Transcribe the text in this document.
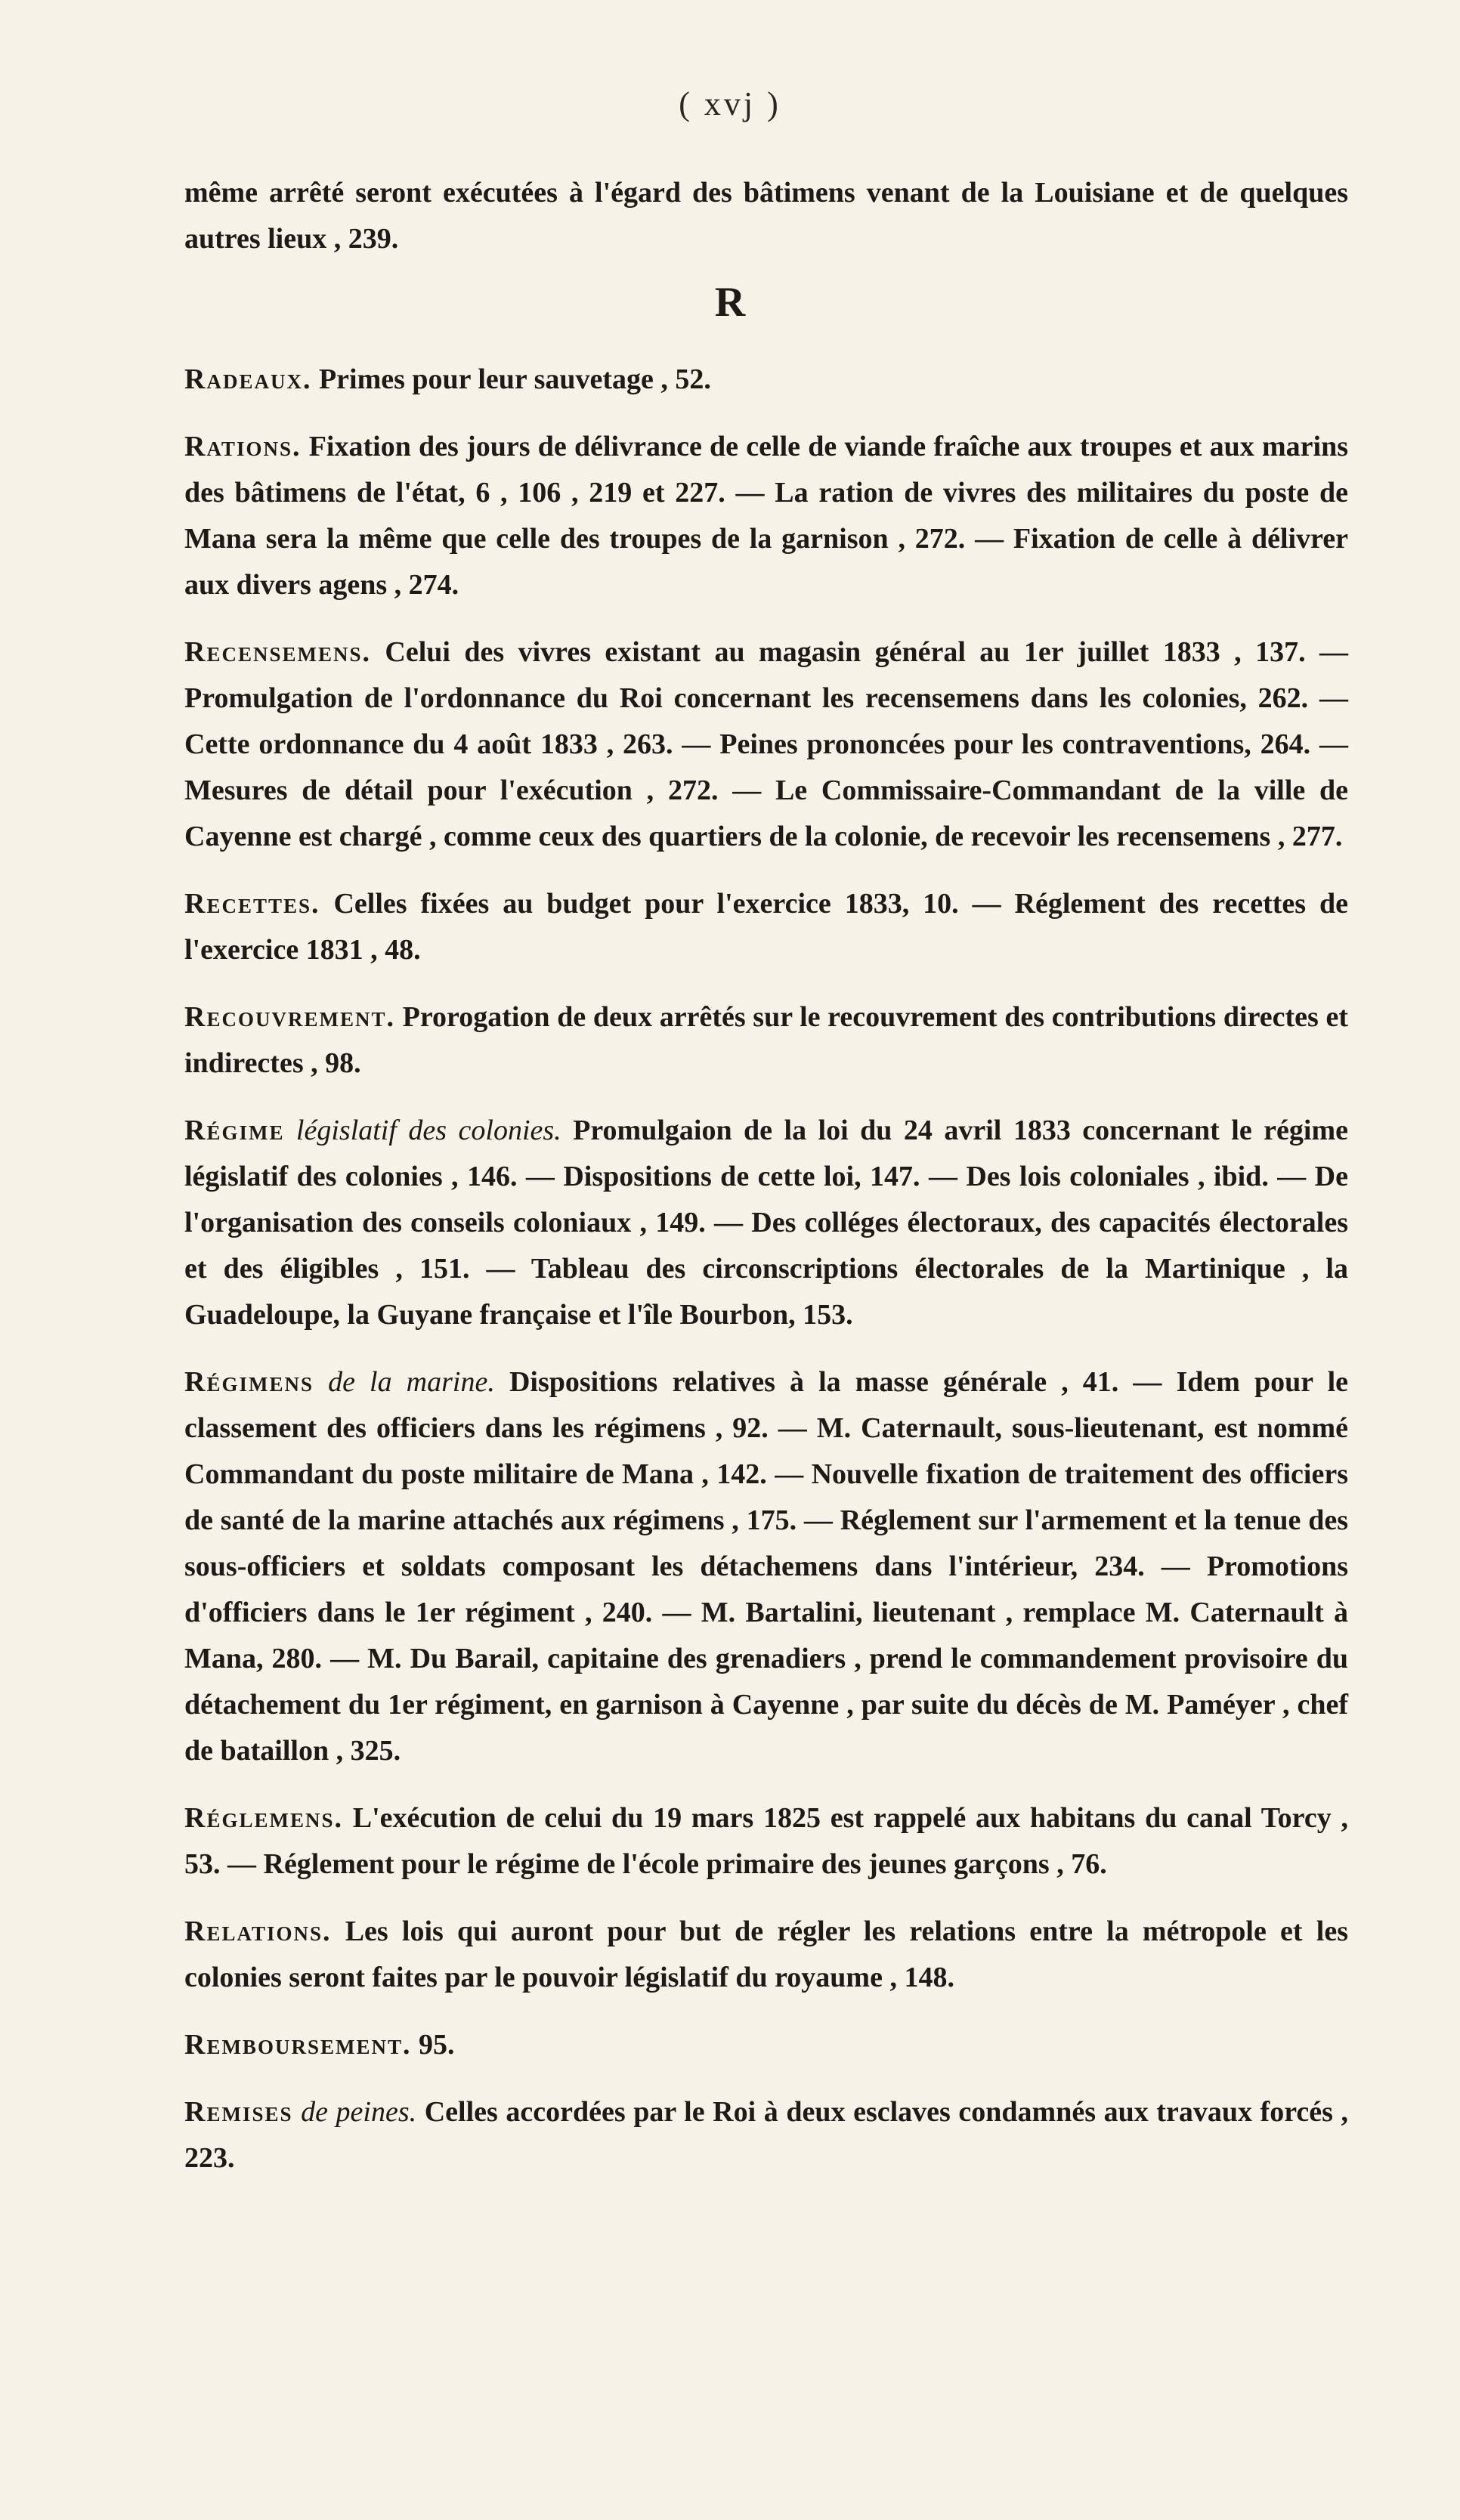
( xvj )

même arrêté seront exécutées à l'égard des bâtimens venant de la Louisiane et de quelques autres lieux , 239.

R

Radeaux. Primes pour leur sauvetage , 52.

Rations. Fixation des jours de délivrance de celle de viande fraîche aux troupes et aux marins des bâtimens de l'état, 6 , 106 , 219 et 227. — La ration de vivres des militaires du poste de Mana sera la même que celle des troupes de la garnison , 272. — Fixation de celle à délivrer aux divers agens , 274.

Recensemens. Celui des vivres existant au magasin général au 1er juillet 1833 , 137. — Promulgation de l'ordonnance du Roi concernant les recensemens dans les colonies, 262. — Cette ordonnance du 4 août 1833 , 263. — Peines prononcées pour les contraventions, 264. — Mesures de détail pour l'exécution , 272. — Le Commissaire-Commandant de la ville de Cayenne est chargé , comme ceux des quartiers de la colonie, de recevoir les recensemens , 277.

Recettes. Celles fixées au budget pour l'exercice 1833, 10. — Réglement des recettes de l'exercice 1831 , 48.

Recouvrement. Prorogation de deux arrêtés sur le recouvrement des contributions directes et indirectes , 98.

Régime législatif des colonies. Promulgaion de la loi du 24 avril 1833 concernant le régime législatif des colonies , 146. — Dispositions de cette loi, 147. — Des lois coloniales , ibid. — De l'organisation des conseils coloniaux , 149. — Des colléges électoraux, des capacités électorales et des éligibles , 151. — Tableau des circonscriptions électorales de la Martinique , la Guadeloupe, la Guyane française et l'île Bourbon, 153.

Régimens de la marine. Dispositions relatives à la masse générale , 41. — Idem pour le classement des officiers dans les régimens , 92. — M. Caternault, sous-lieutenant, est nommé Commandant du poste militaire de Mana , 142. — Nouvelle fixation de traitement des officiers de santé de la marine attachés aux régimens , 175. — Réglement sur l'armement et la tenue des sous-officiers et soldats composant les détachemens dans l'intérieur, 234. — Promotions d'officiers dans le 1er régiment , 240. — M. Bartalini, lieutenant , remplace M. Caternault à Mana, 280. — M. Du Barail, capitaine des grenadiers , prend le commandement provisoire du détachement du 1er régiment, en garnison à Cayenne , par suite du décès de M. Paméyer , chef de bataillon , 325.

Réglemens. L'exécution de celui du 19 mars 1825 est rappelé aux habitans du canal Torcy , 53. — Réglement pour le régime de l'école primaire des jeunes garçons , 76.

Relations. Les lois qui auront pour but de régler les relations entre la métropole et les colonies seront faites par le pouvoir législatif du royaume , 148.

Remboursement. 95.

Remises de peines. Celles accordées par le Roi à deux esclaves condamnés aux travaux forcés , 223.
